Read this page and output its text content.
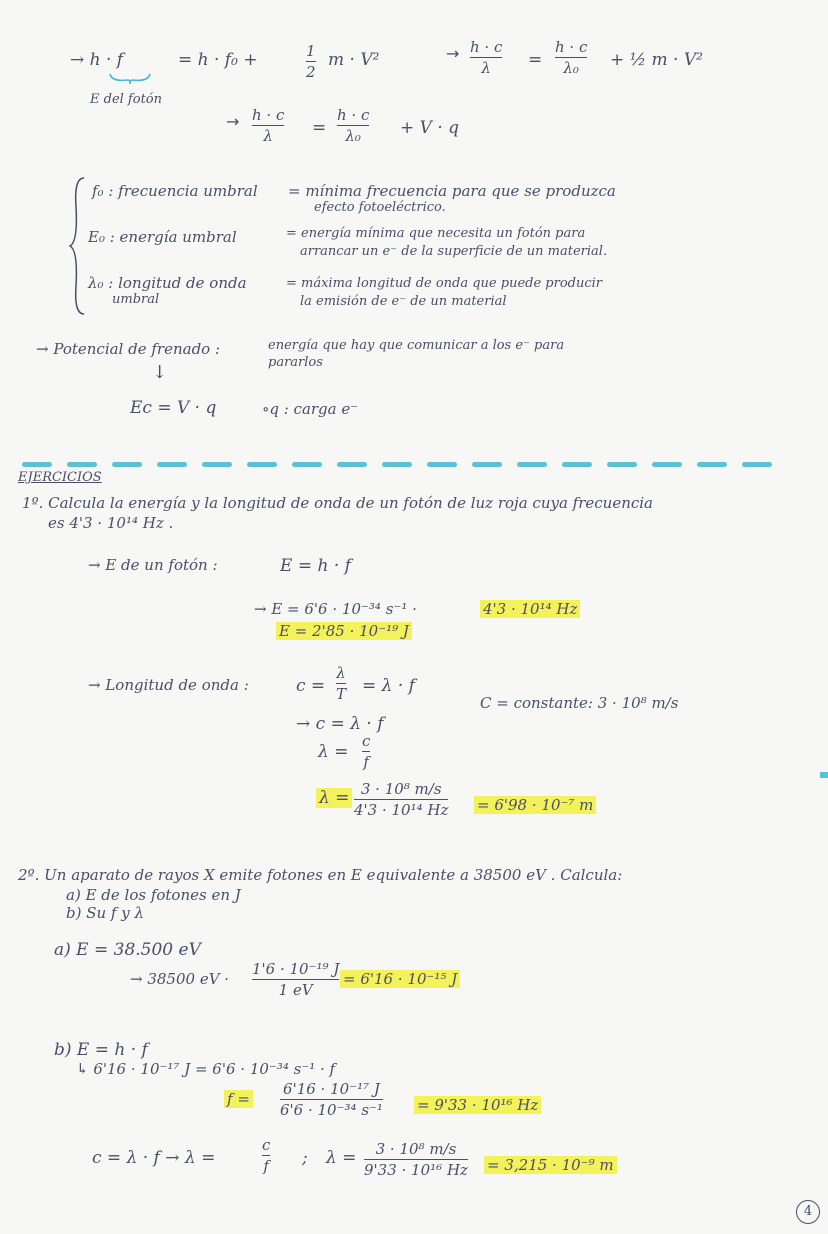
→ h · f	= h · f₀ +	1
2
m · V²
E del fotón
→ h · c
λ =
h · c
λ₀ + ½ m · V²
→ h · c
λ =
h · c
λ₀ + V · q
f₀ : frecuencia umbral = mínima frecuencia para que se produzca
efecto fotoeléctrico.
E₀ : energía umbral	= energía mínima que necesita un fotón para
arrancar un e⁻ de la superficie de un material.
λ₀ : longitud de onda
umbral
= máxima longitud de onda que puede producir
la emisión de e⁻ de un material
→ Potencial de frenado :	energía que hay que comunicar a los e⁻ para
pararlos
↓
Ec = V · q	∘q : carga e⁻
EJERCICIOS
1º. Calcula la energía y la longitud de onda de un fotón de luz roja cuya frecuencia
es 4'3 · 10¹⁴ Hz .
→ E de un fotón :	E = h · f
→ E = 6'6 · 10⁻³⁴ s⁻¹ ·	4'3 · 10¹⁴ Hz
E = 2'85 · 10⁻¹⁹ J
→ Longitud de onda :	c =
λ
T = λ · f
C = constante: 3 · 10⁸ m/s
→ c = λ · f
λ =
c
f
λ = 3 · 10⁸ m/s
4'3 · 10¹⁴ Hz = 6'98 · 10⁻⁷ m
2º. Un aparato de rayos X emite fotones en E equivalente a 38500 eV . Calcula:
a) E de los fotones en J
b) Su f y λ
a) E = 38.500 eV
→ 38500 eV ·
1'6 · 10⁻¹⁹ J
1 eV
= 6'16 · 10⁻¹⁵ J
b) E = h · f
↳ 6'16 · 10⁻¹⁷ J = 6'6 · 10⁻³⁴ s⁻¹ · f
f =
6'16 · 10⁻¹⁷ J
6'6 · 10⁻³⁴ s⁻¹ = 9'33 · 10¹⁶ Hz
c = λ · f → λ =
c
f ; λ = 3 · 10⁸ m/s
9'33 · 10¹⁶ Hz = 3,215 · 10⁻⁹ m
4
